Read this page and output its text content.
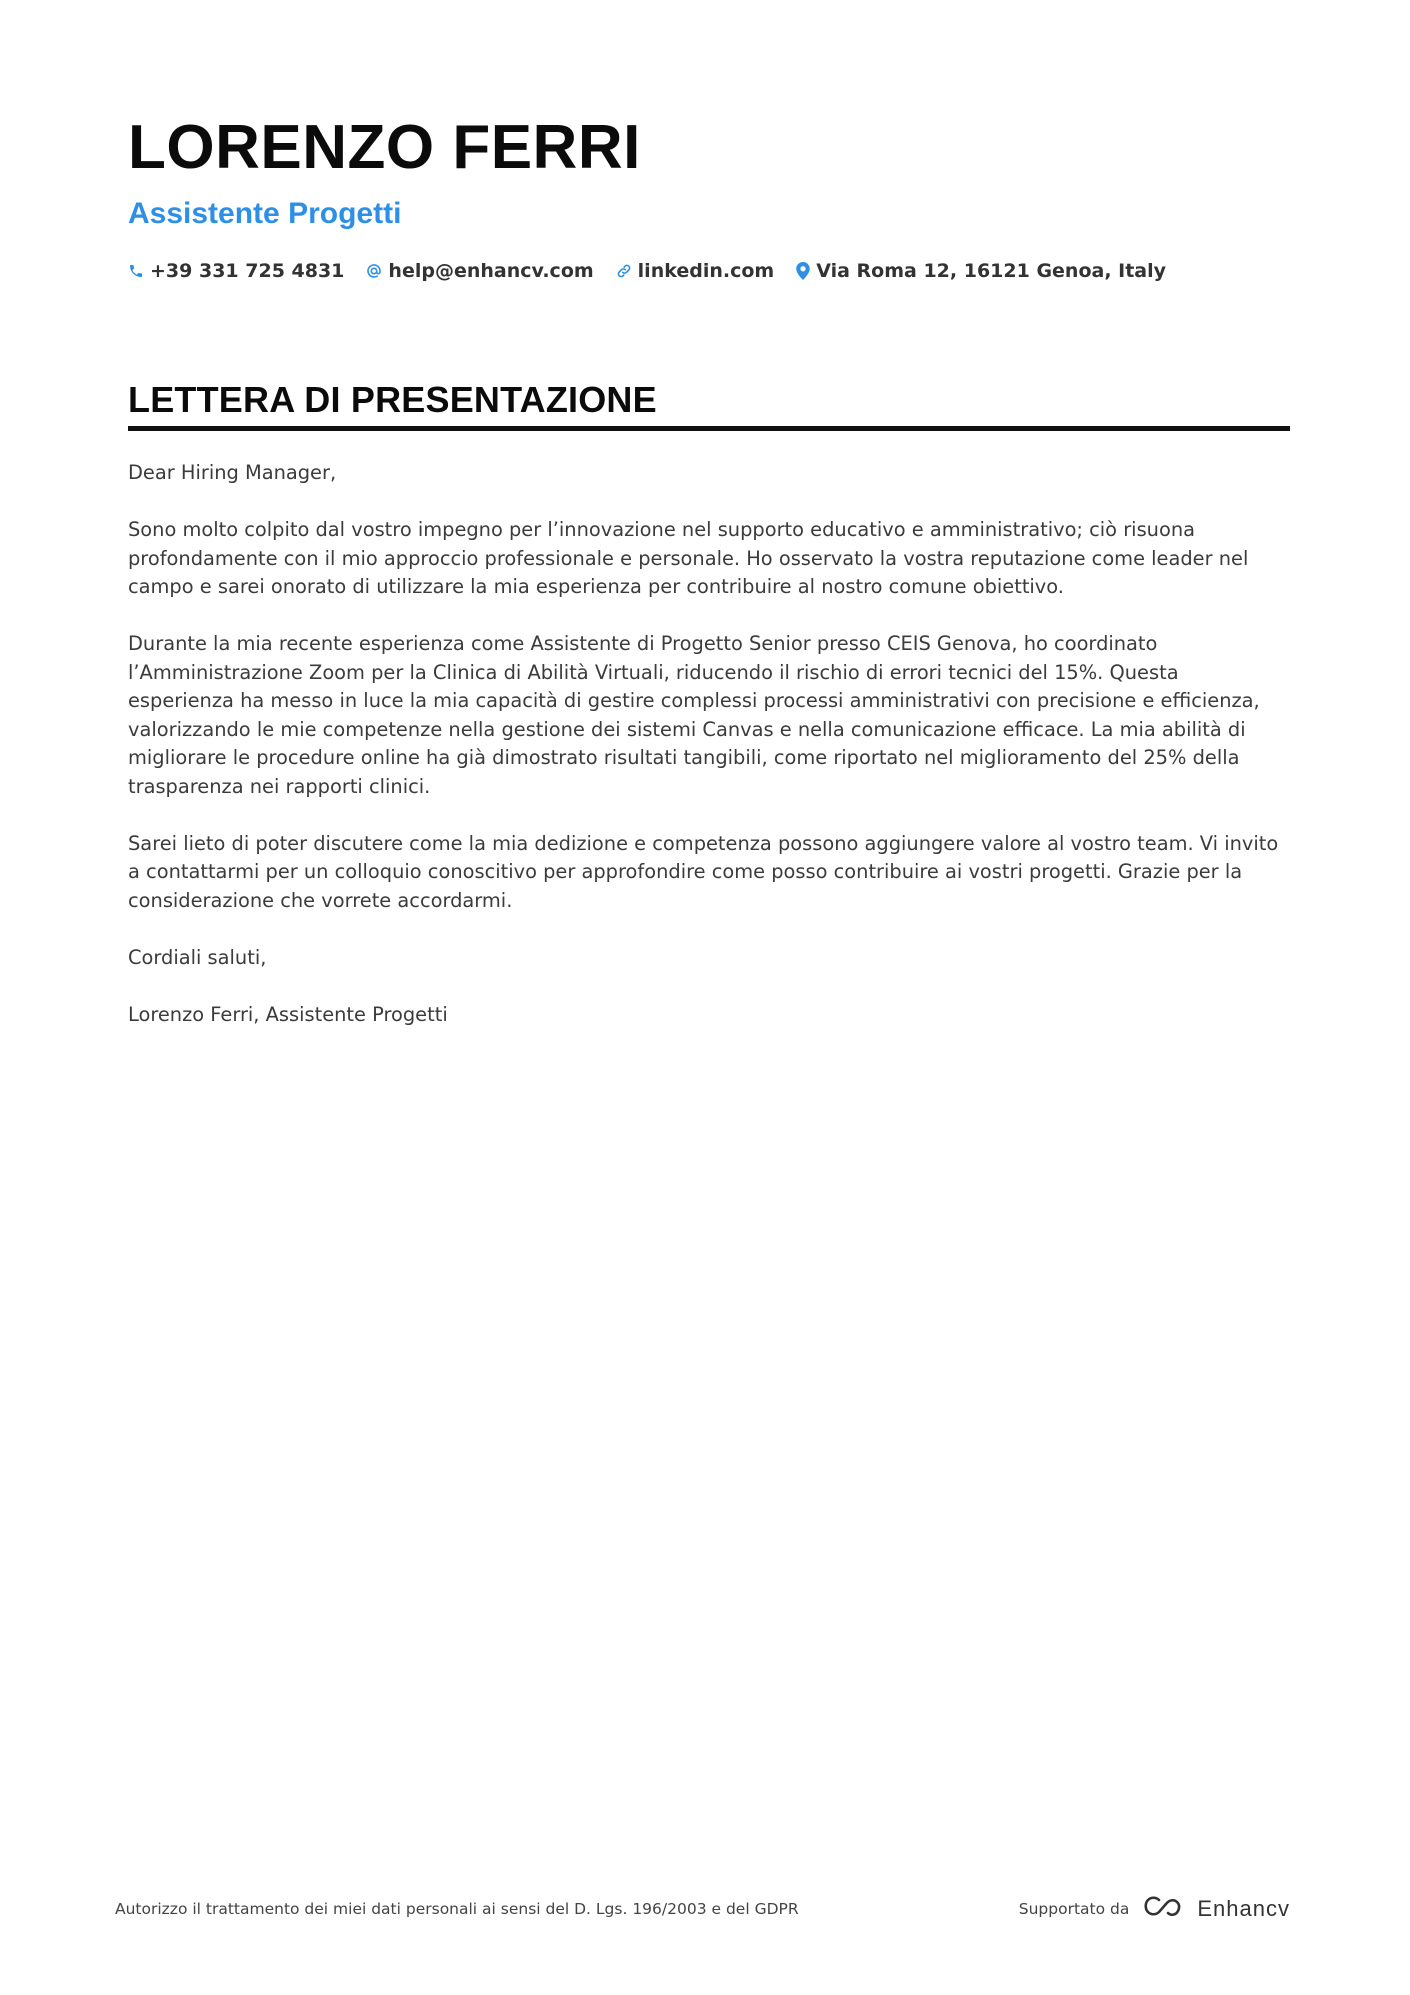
LORENZO FERRI
Assistente Progetti
+39 331 725 4831 help@enhancv.com linkedin.com Via Roma 12, 16121 Genoa, Italy
LETTERA DI PRESENTAZIONE

Dear Hiring Manager,

Sono molto colpito dal vostro impegno per l’innovazione nel supporto educativo e amministrativo; ciò risuona profondamente con il mio approccio professionale e personale. Ho osservato la vostra reputazione come leader nel campo e sarei onorato di utilizzare la mia esperienza per contribuire al nostro comune obiettivo.

Durante la mia recente esperienza come Assistente di Progetto Senior presso CEIS Genova, ho coordinato l’Amministrazione Zoom per la Clinica di Abilità Virtuali, riducendo il rischio di errori tecnici del 15%. Questa esperienza ha messo in luce la mia capacità di gestire complessi processi amministrativi con precisione e efficienza, valorizzando le mie competenze nella gestione dei sistemi Canvas e nella comunicazione efficace. La mia abilità di migliorare le procedure online ha già dimostrato risultati tangibili, come riportato nel miglioramento del 25% della trasparenza nei rapporti clinici.

Sarei lieto di poter discutere come la mia dedizione e competenza possono aggiungere valore al vostro team. Vi invito a contattarmi per un colloquio conoscitivo per approfondire come posso contribuire ai vostri progetti. Grazie per la considerazione che vorrete accordarmi.

Cordiali saluti,

Lorenzo Ferri, Assistente Progetti

Autorizzo il trattamento dei miei dati personali ai sensi del D. Lgs. 196/2003 e del GDPR	Supportato da	Enhancv
